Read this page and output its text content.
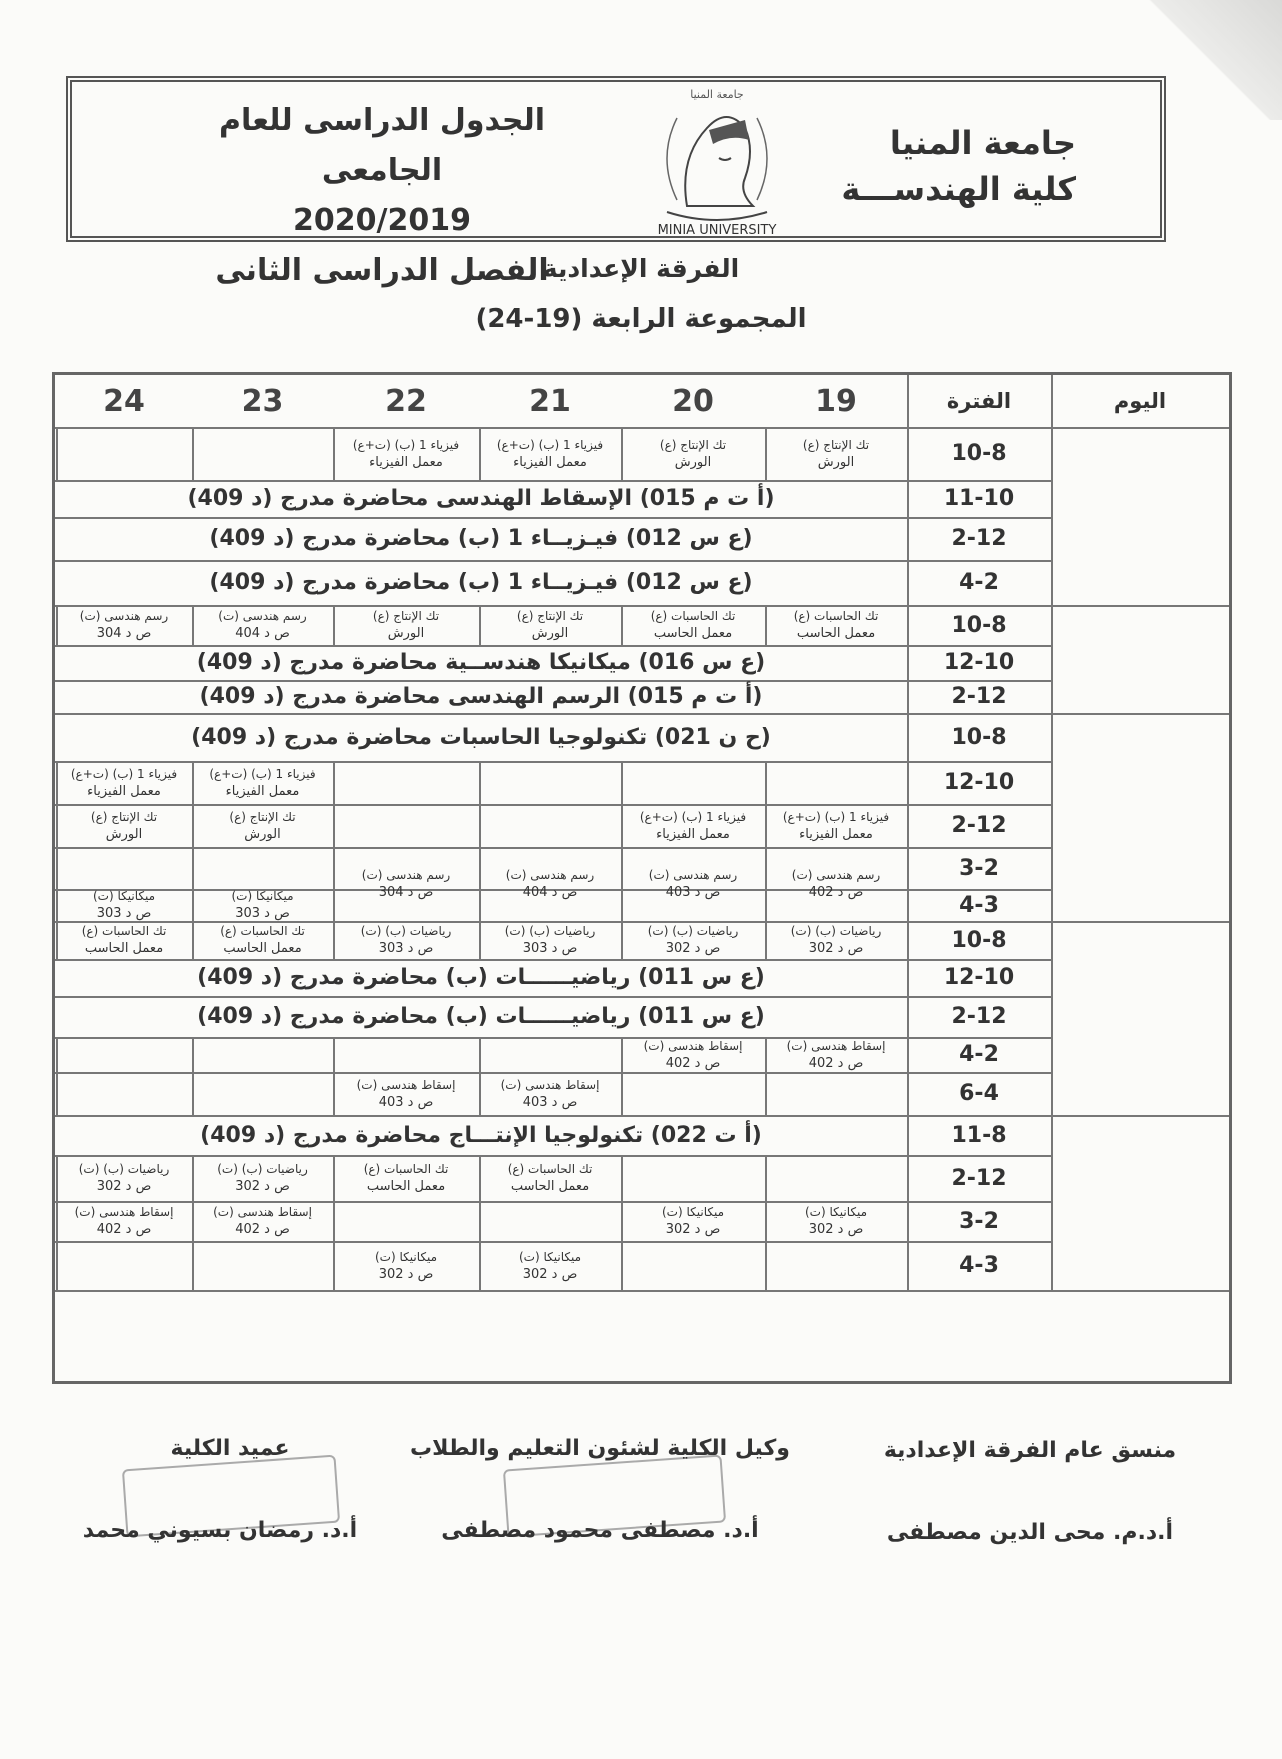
جامعة المنيا
كلية الهندســـة
جامعة المنيا
MINIA UNIVERSITY
الجدول الدراسى للعام الجامعى
2020/2019
الفصل الدراسى الثانى
الفرقة الإعدادية
المجموعة الرابعة (19-24)
اليوم
الفترة
19
20
21
22
23
24
10-8
11-10
2-12
4-2
10-8
12-10
2-12
10-8
12-10
2-12
3-2
4-3
10-8
12-10
2-12
4-2
6-4
11-8
2-12
3-2
4-3
(أ ت م 015) الإسقاط الهندسى محاضرة مدرج (د 409)
(ع س 012) فيـزيــاء 1 (ب) محاضرة مدرج (د 409)
(ع س 012) فيـزيــاء 1 (ب) محاضرة مدرج (د 409)
(ع س 016) ميكانيكا هندســية محاضرة مدرج (د 409)
(أ ت م 015) الرسم الهندسى محاضرة مدرج (د 409)
(ح ن 021) تكنولوجيا الحاسبات محاضرة مدرج (د 409)
(ع س 011) رياضيــــــات (ب) محاضرة مدرج (د 409)
(ع س 011) رياضيــــــات (ب) محاضرة مدرج (د 409)
(أ ت 022) تكنولوجيا الإنتـــاج محاضرة مدرج (د 409)
تك الإنتاج (ع)
الورش
تك الإنتاج (ع)
الورش
فيزياء 1 (ب) (ت+ع)
معمل الفيزياء
فيزياء 1 (ب) (ت+ع)
معمل الفيزياء
تك الحاسبات (ع)
معمل الحاسب
تك الحاسبات (ع)
معمل الحاسب
تك الإنتاج (ع)
الورش
تك الإنتاج (ع)
الورش
رسم هندسى (ت)
ص د 404
رسم هندسى (ت)
ص د 304
فيزياء 1 (ب) (ت+ع)
معمل الفيزياء
فيزياء 1 (ب) (ت+ع)
معمل الفيزياء
فيزياء 1 (ب) (ت+ع)
معمل الفيزياء
فيزياء 1 (ب) (ت+ع)
معمل الفيزياء
تك الإنتاج (ع)
الورش
تك الإنتاج (ع)
الورش
رسم هندسى (ت)
ص د 402
رسم هندسى (ت)
ص د 403
رسم هندسى (ت)
ص د 404
رسم هندسى (ت)
ص د 304
ميكانيكا (ت)
ص د 303
ميكانيكا (ت)
ص د 303
رياضيات (ب) (ت)
ص د 302
رياضيات (ب) (ت)
ص د 302
رياضيات (ب) (ت)
ص د 303
رياضيات (ب) (ت)
ص د 303
تك الحاسبات (ع)
معمل الحاسب
تك الحاسبات (ع)
معمل الحاسب
إسقاط هندسى (ت)
ص د 402
إسقاط هندسى (ت)
ص د 402
إسقاط هندسى (ت)
ص د 403
إسقاط هندسى (ت)
ص د 403
تك الحاسبات (ع)
معمل الحاسب
تك الحاسبات (ع)
معمل الحاسب
رياضيات (ب) (ت)
ص د 302
رياضيات (ب) (ت)
ص د 302
ميكانيكا (ت)
ص د 302
ميكانيكا (ت)
ص د 302
إسقاط هندسى (ت)
ص د 402
إسقاط هندسى (ت)
ص د 402
ميكانيكا (ت)
ص د 302
ميكانيكا (ت)
ص د 302
منسق عام الفرقة الإعدادية
أ.د.م. محى الدين مصطفى
وكيل الكلية لشئون التعليم والطلاب
أ.د. مصطفى محمود مصطفى
عميد الكلية
أ.د. رمضان بسيوني محمد
